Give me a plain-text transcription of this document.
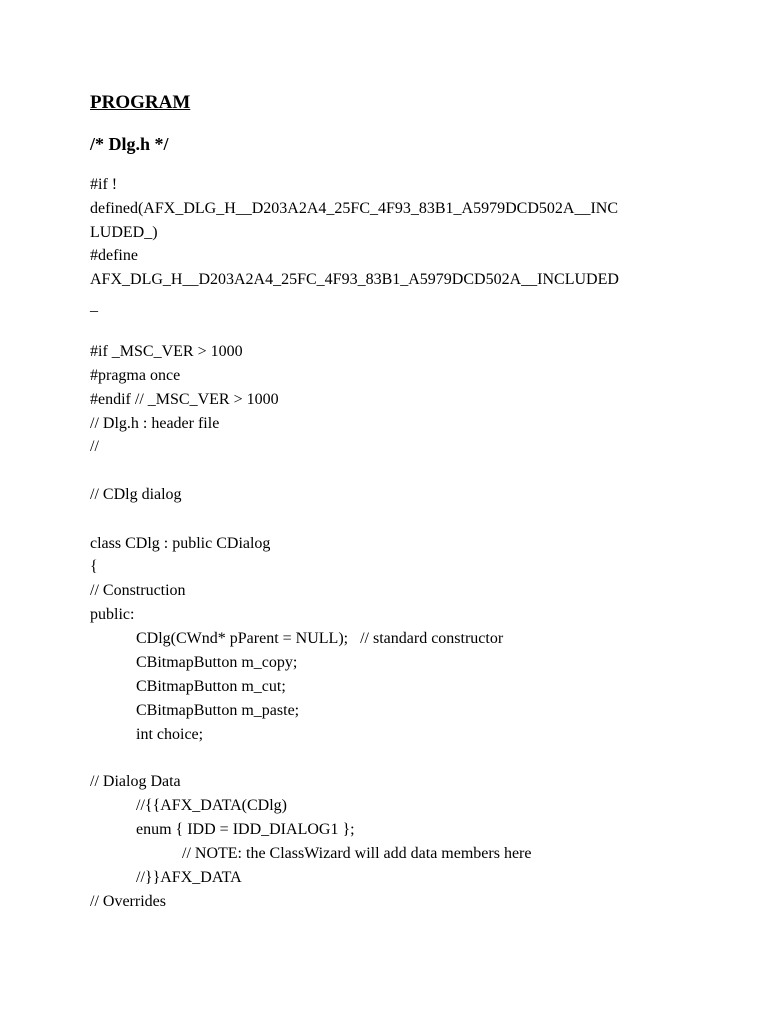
PROGRAM
/* Dlg.h */
#if !
defined(AFX_DLG_H__D203A2A4_25FC_4F93_83B1_A5979DCD502A__INC
LUDED_)
#define
AFX_DLG_H__D203A2A4_25FC_4F93_83B1_A5979DCD502A__INCLUDED
_
#if _MSC_VER > 1000
#pragma once
#endif // _MSC_VER > 1000
// Dlg.h : header file
//
// CDlg dialog
class CDlg : public CDialog
{
// Construction
public:
CDlg(CWnd* pParent = NULL);   // standard constructor
CBitmapButton m_copy;
CBitmapButton m_cut;
CBitmapButton m_paste;
int choice;
// Dialog Data
//{{AFX_DATA(CDlg)
enum { IDD = IDD_DIALOG1 };
// NOTE: the ClassWizard will add data members here
//}}AFX_DATA
// Overrides
